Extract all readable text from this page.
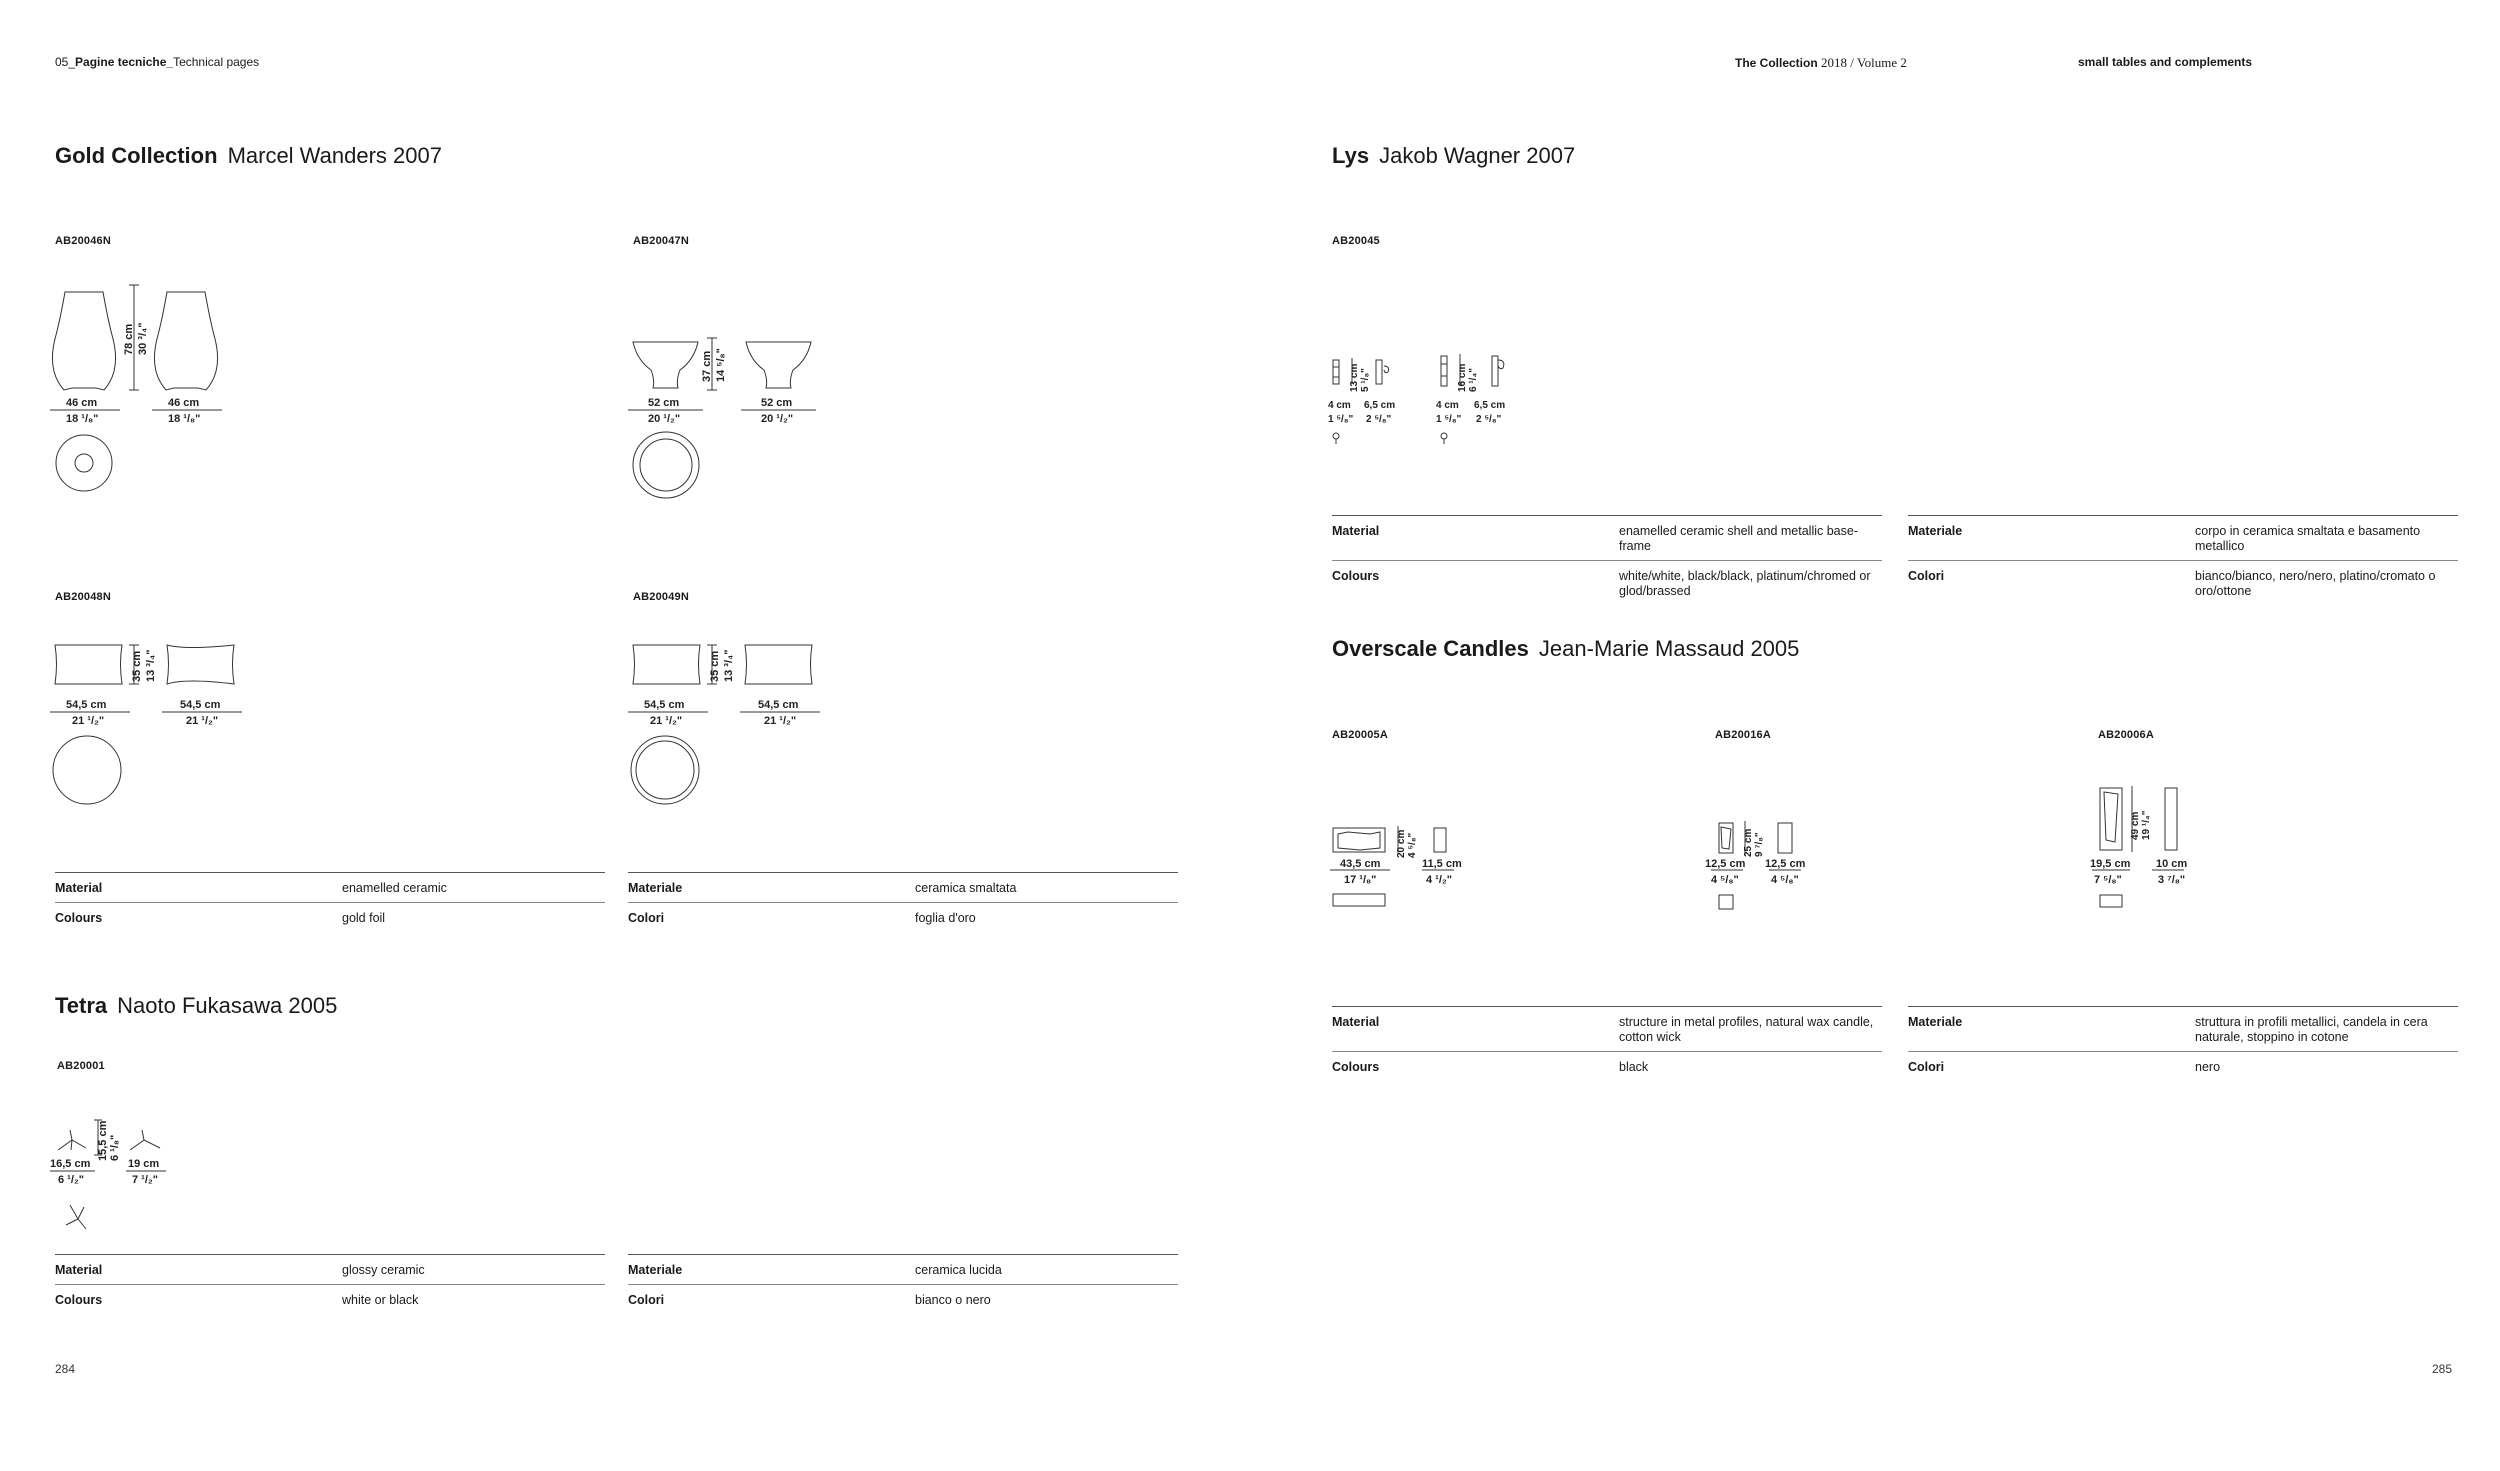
05_Pagine tecniche_Technical pages	The Collection 2018 / Volume 2	small tables and complements
Gold Collection Marcel Wanders 2007
AB20046N
78 cm 30 ³/₄"
46 cm
18 ¹/₈"
46 cm
18 ¹/₈"
AB20047N
37 cm 14 ⁵/₈"
52 cm
20 ¹/₂"
52 cm
20 ¹/₂"
AB20048N
35 cm 13 ³/₄"
54,5 cm
21 ¹/₂"
54,5 cm
21 ¹/₂"
AB20049N
35 cm 13 ³/₄"
54,5 cm
21 ¹/₂"
54,5 cm
21 ¹/₂"
Material	enamelled ceramic
Colours	gold foil
Materiale	ceramica smaltata
Colori	foglia d'oro
Tetra Naoto Fukasawa 2005
AB20001
15,5 cm 6 ¹/₈"
16,5 cm
6 ¹/₂"
19 cm
7 ¹/₂"
Material	glossy ceramic
Colours	white or black
Materiale	ceramica lucida
Colori	bianco o nero
284
Lys Jakob Wagner 2007
AB20045
13 cm 5 ¹/₈"
4 cm
1 ⁵/₈"
6,5 cm
2 ⁵/₈"
16 cm 6 ¹/₄"
4 cm
1 ⁵/₈"
6,5 cm
2 ⁵/₈"
Material	enamelled ceramic shell and metallic base-frame
Colours	white/white, black/black, platinum/chromed or glod/brassed
Materiale	corpo in ceramica smaltata e basamento metallico
Colori	bianco/bianco, nero/nero, platino/cromato o oro/ottone
Overscale Candles Jean-Marie Massaud 2005
AB20005A
20 cm 4 ⁵/₈"
43,5 cm
17 ¹/₈"
11,5 cm
4 ¹/₂"
AB20016A
25 cm 9 ⁷/₈"
12,5 cm
4 ⁵/₈"
12,5 cm
4 ⁵/₈"
AB20006A
49 cm 19 ¹/₄"
19,5 cm
7 ⁵/₈"
10 cm
3 ⁷/₈"
Material	structure in metal profiles, natural wax candle, cotton wick
Colours	black
Materiale	struttura in profili metallici, candela in cera naturale, stoppino in cotone
Colori	nero
285
